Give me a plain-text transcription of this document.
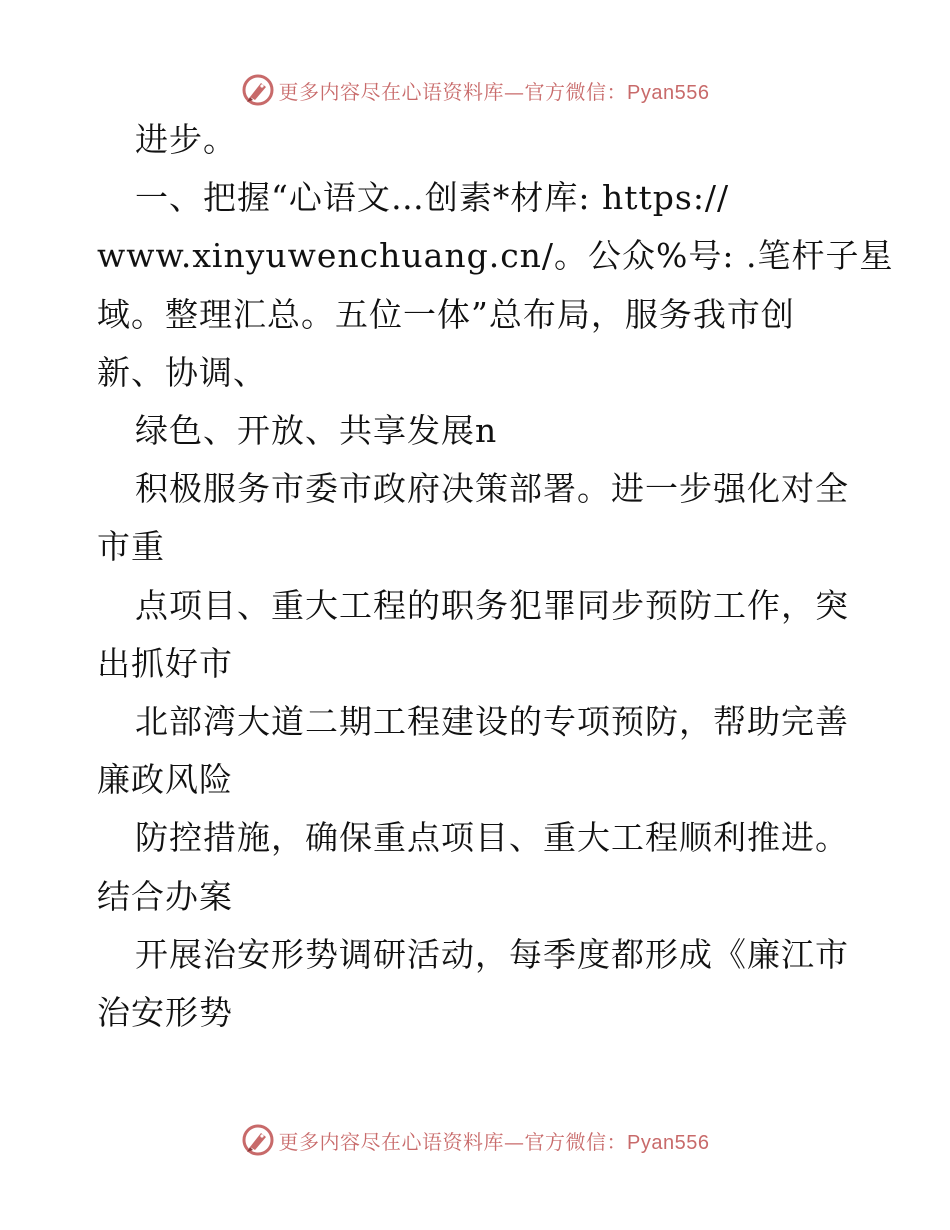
更多内容尽在心语资料库—官方微信：Pyan556
进步。
一、把握“心语文…创素*材库: https://
www.xinyuwenchuang.cn/。公众%号: .笔杆子星
域。整理汇总。五位一体”总布局，服务我市创
新、协调、
绿色、开放、共享发展n
积极服务市委市政府决策部署。进一步强化对全
市重
点项目、重大工程的职务犯罪同步预防工作，突
出抓好市
北部湾大道二期工程建设的专项预防，帮助完善
廉政风险
防控措施，确保重点项目、重大工程顺利推进。
结合办案
开展治安形势调研活动，每季度都形成《廉江市
治安形势
更多内容尽在心语资料库—官方微信：Pyan556
